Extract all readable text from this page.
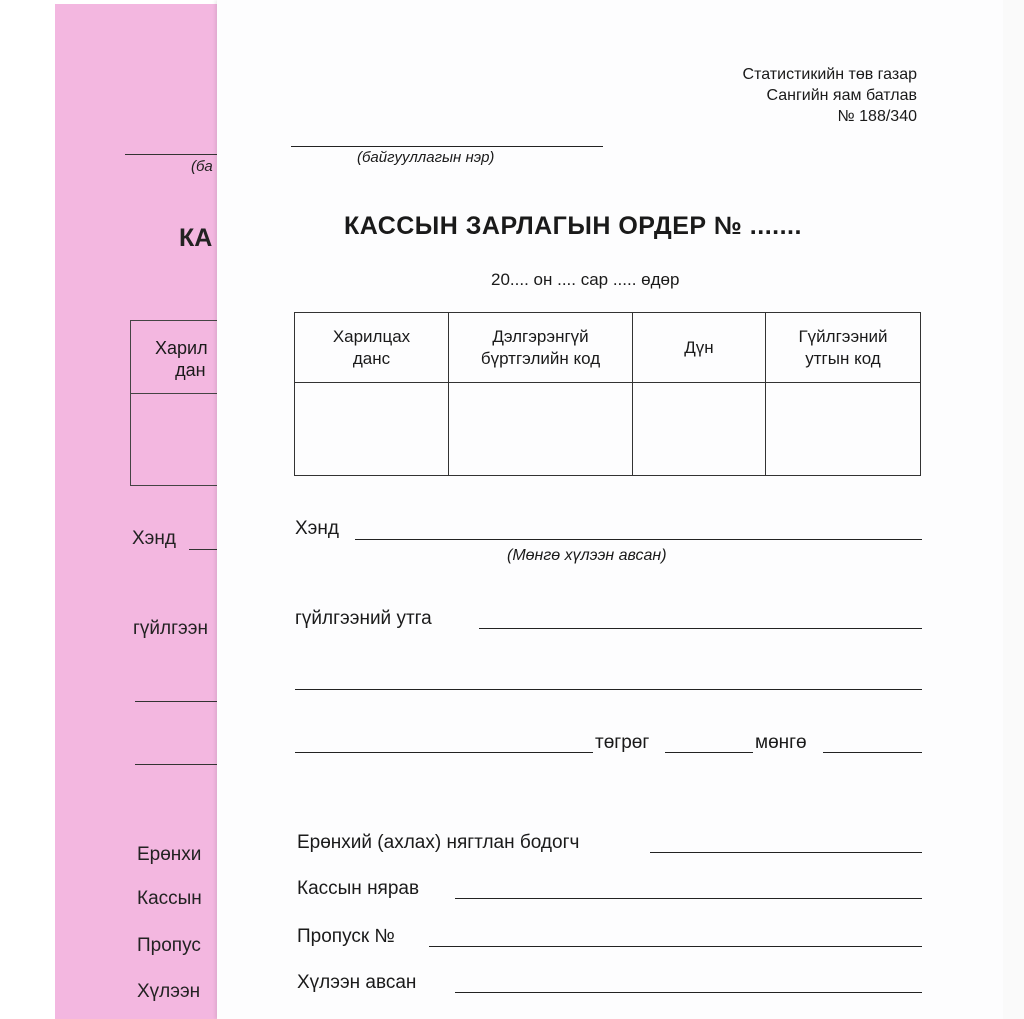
(ба
КА
Харил
дан
Хэнд
гүйлгээн
Ерөнхи
Кассын
Пропус
Хүлээн
Статистикийн төв газар
Сангийн яам батлав
№ 188/340
(байгууллагын нэр)
КАССЫН ЗАРЛАГЫН ОРДЕР № .......
20.... он .... сар ..... өдөр
Харилцах данс	Дэлгэрэнгүй бүртгэлийн код	Дүн	Гүйлгээний утгын код

Хэнд
(Мөнгө хүлээн авсан)
гүйлгээний утга
төгрөг	мөнгө
Ерөнхий (ахлах) нягтлан бодогч
Кассын нярав
Пропуск №
Хүлээн авсан
